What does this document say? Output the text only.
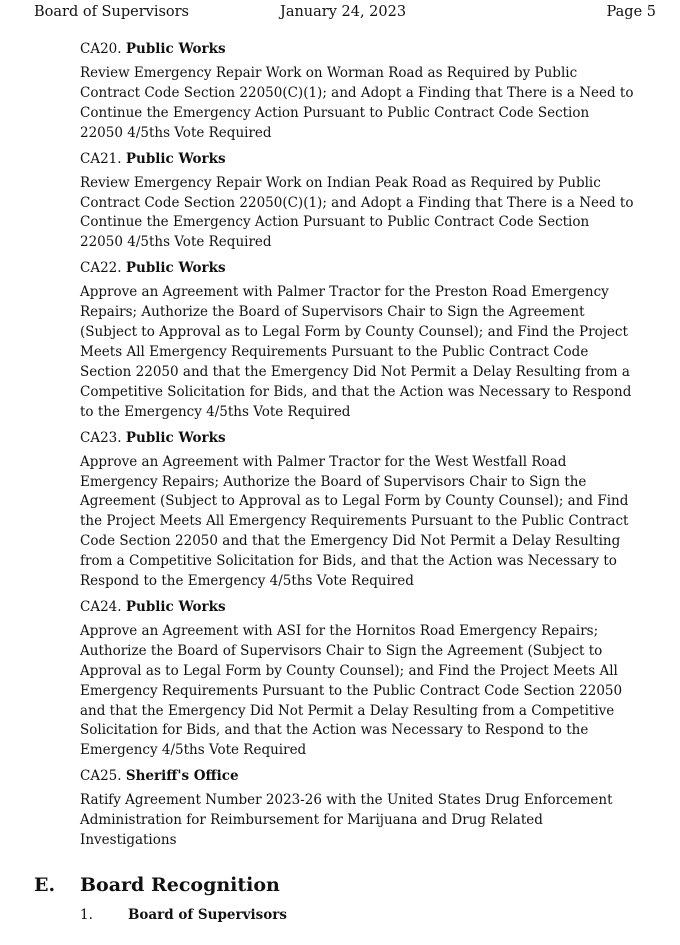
Board of Supervisors	January 24, 2023	Page 5
CA20. Public Works
Review Emergency Repair Work on Worman Road as Required by Public
Contract Code Section 22050(C)(1); and Adopt a Finding that There is a Need to
Continue the Emergency Action Pursuant to Public Contract Code Section
22050 4/5ths Vote Required
CA21. Public Works
Review Emergency Repair Work on Indian Peak Road as Required by Public
Contract Code Section 22050(C)(1); and Adopt a Finding that There is a Need to
Continue the Emergency Action Pursuant to Public Contract Code Section
22050 4/5ths Vote Required
CA22. Public Works
Approve an Agreement with Palmer Tractor for the Preston Road Emergency
Repairs; Authorize the Board of Supervisors Chair to Sign the Agreement
(Subject to Approval as to Legal Form by County Counsel); and Find the Project
Meets All Emergency Requirements Pursuant to the Public Contract Code
Section 22050 and that the Emergency Did Not Permit a Delay Resulting from a
Competitive Solicitation for Bids, and that the Action was Necessary to Respond
to the Emergency 4/5ths Vote Required
CA23. Public Works
Approve an Agreement with Palmer Tractor for the West Westfall Road
Emergency Repairs; Authorize the Board of Supervisors Chair to Sign the
Agreement (Subject to Approval as to Legal Form by County Counsel); and Find
the Project Meets All Emergency Requirements Pursuant to the Public Contract
Code Section 22050 and that the Emergency Did Not Permit a Delay Resulting
from a Competitive Solicitation for Bids, and that the Action was Necessary to
Respond to the Emergency 4/5ths Vote Required
CA24. Public Works
Approve an Agreement with ASI for the Hornitos Road Emergency Repairs;
Authorize the Board of Supervisors Chair to Sign the Agreement (Subject to
Approval as to Legal Form by County Counsel); and Find the Project Meets All
Emergency Requirements Pursuant to the Public Contract Code Section 22050
and that the Emergency Did Not Permit a Delay Resulting from a Competitive
Solicitation for Bids, and that the Action was Necessary to Respond to the
Emergency 4/5ths Vote Required
CA25. Sheriff's Office
Ratify Agreement Number 2023-26 with the United States Drug Enforcement
Administration for Reimbursement for Marijuana and Drug Related
Investigations
E. Board Recognition
1.	Board of Supervisors
